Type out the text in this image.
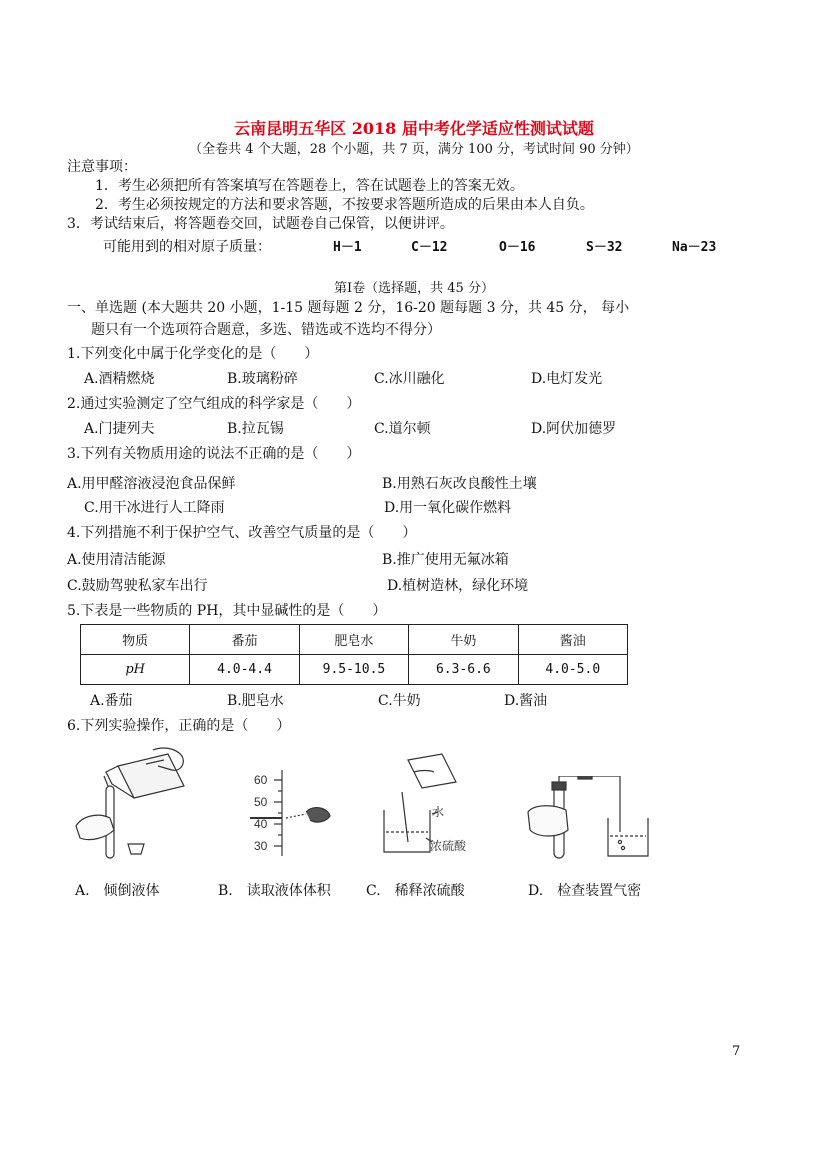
云南昆明五华区 2018 届中考化学适应性测试试题
（全卷共 4 个大题，28 个小题，共 7 页，满分 100 分，考试时间 90 分钟）
注意事项：
1．考生必须把所有答案填写在答题卷上，答在试题卷上的答案无效。
2．考生必须按规定的方法和要求答题，不按要求答题所造成的后果由本人自负。
3．考试结束后，将答题卷交回，试题卷自己保管，以便讲评。
可能用到的相对原子质量：	H－1	C－12	O－16	S－32	Na－23
第Ⅰ卷（选择题，共 45 分）
一、单选题 (本大题共 20 小题，1-15 题每题 2 分，16-20 题每题 3 分，共 45 分， 每小
题只有一个选项符合题意，多选、错选或不选均不得分）
1.下列变化中属于化学变化的是（　　）
A.酒精燃烧	B.玻璃粉碎	C.冰川融化	D.电灯发光
2.通过实验测定了空气组成的科学家是（　　）
A.门捷列夫	B.拉瓦锡	C.道尔顿	D.阿伏加德罗
3.下列有关物质用途的说法不正确的是（　　）
A.用甲醛溶液浸泡食品保鲜	B.用熟石灰改良酸性土壤
C.用干冰进行人工降雨	D.用一氧化碳作燃料
4.下列措施不利于保护空气、改善空气质量的是（　　）
A.使用清洁能源	B.推广使用无氟冰箱
C.鼓励驾驶私家车出行	D.植树造林，绿化环境
5.下表是一些物质的 PH，其中显碱性的是（　　）
物质	番茄	肥皂水	牛奶	酱油
pH	4.0-4.4	9.5-10.5	6.3-6.6	4.0-5.0
A.番茄	B.肥皂水	C.牛奶	D.酱油
6.下列实验操作，正确的是（　　）
60
50
40
30
水
浓硫酸
A.　倾倒液体	B.　读取液体体积	C.　稀释浓硫酸	D.　检查装置气密
7
